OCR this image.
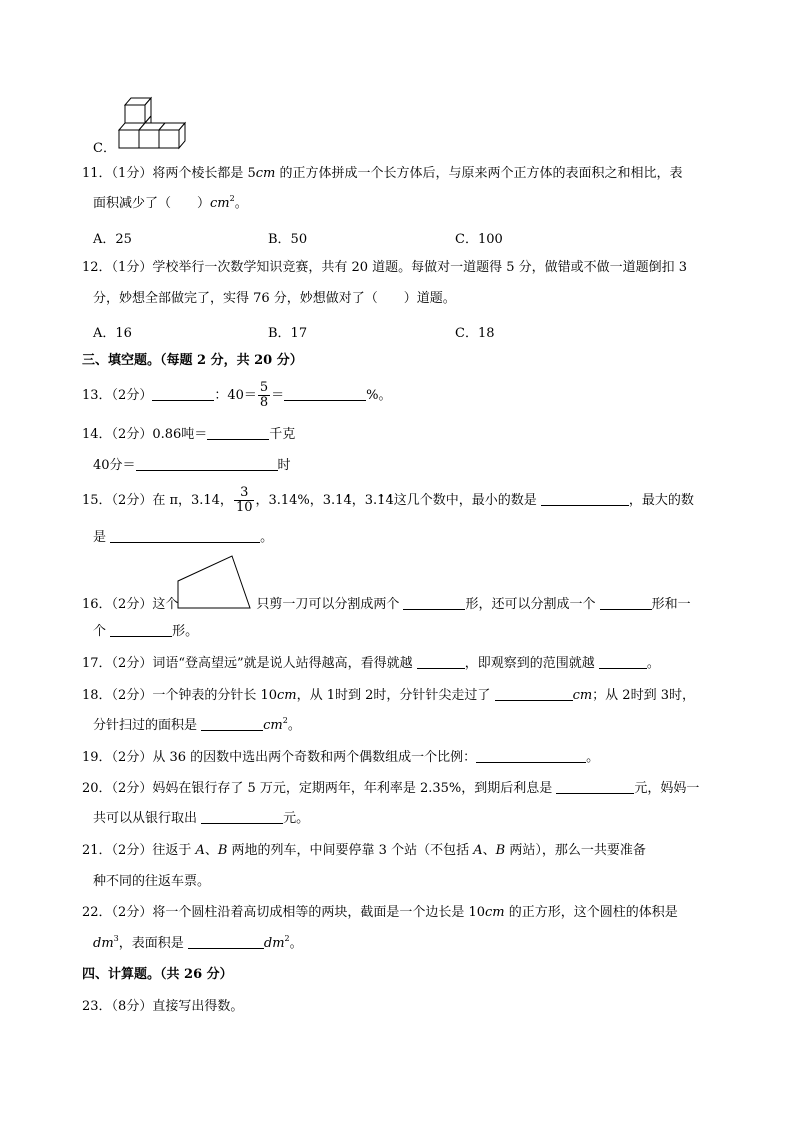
C．
11．（1分）将两个棱长都是 5cm 的正方体拼成一个长方体后，与原来两个正方体的表面积之和相比，表
面积减少了（　　）$cm^2$。
A．25	B．50	C．100
12．（1分）学校举行一次数学知识竞赛，共有 20 道题。每做对一道题得 5 分，做错或不做一道题倒扣 3
分，妙想全部做完了，实得 76 分，妙想做对了（　　）道题。
A．16	B．17	C．18
三、填空题。（每题 2 分，共 20 分）
13．（2分）	：$40= \frac{5}{8}$ ＝	%。
14．（2分）0.86吨＝	千克
40分＝	时
15．（2分）在 π，3.14， $\frac{3}{10}$ ，3.14%，3.1• 4，3.• 1• 4这几个数中，最小的数是	，最大的数
是	。
16．（2分）这个	只剪一刀可以分割成两个	形，还可以分割成一个	形和一
个	形。
17．（2分）词语“登高望远”就是说人站得越高，看得就越	，即观察到的范围就越	。
18．（2分）一个钟表的分针长 10cm，从 1时到 2时，分针针尖走过了	cm；从 2时到 3时，
分针扫过的面积是	$cm^2$。
19．（2分）从 36 的因数中选出两个奇数和两个偶数组成一个比例：	。
20．（2分）妈妈在银行存了 5 万元，定期两年，年利率是 2.35%，到期后利息是	元，妈妈一
共可以从银行取出	元。
21．（2分）往返于 A、B 两地的列车，中间要停靠 3 个站（不包括 A、B 两站），那么一共要准备
种不同的往返车票。
22．（2分）将一个圆柱沿着高切成相等的两块，截面是一个边长是 10cm 的正方形，这个圆柱的体积是
$dm^3$，表面积是	$dm^2$。
四、计算题。（共 26 分）
23．（8分）直接写出得数。
